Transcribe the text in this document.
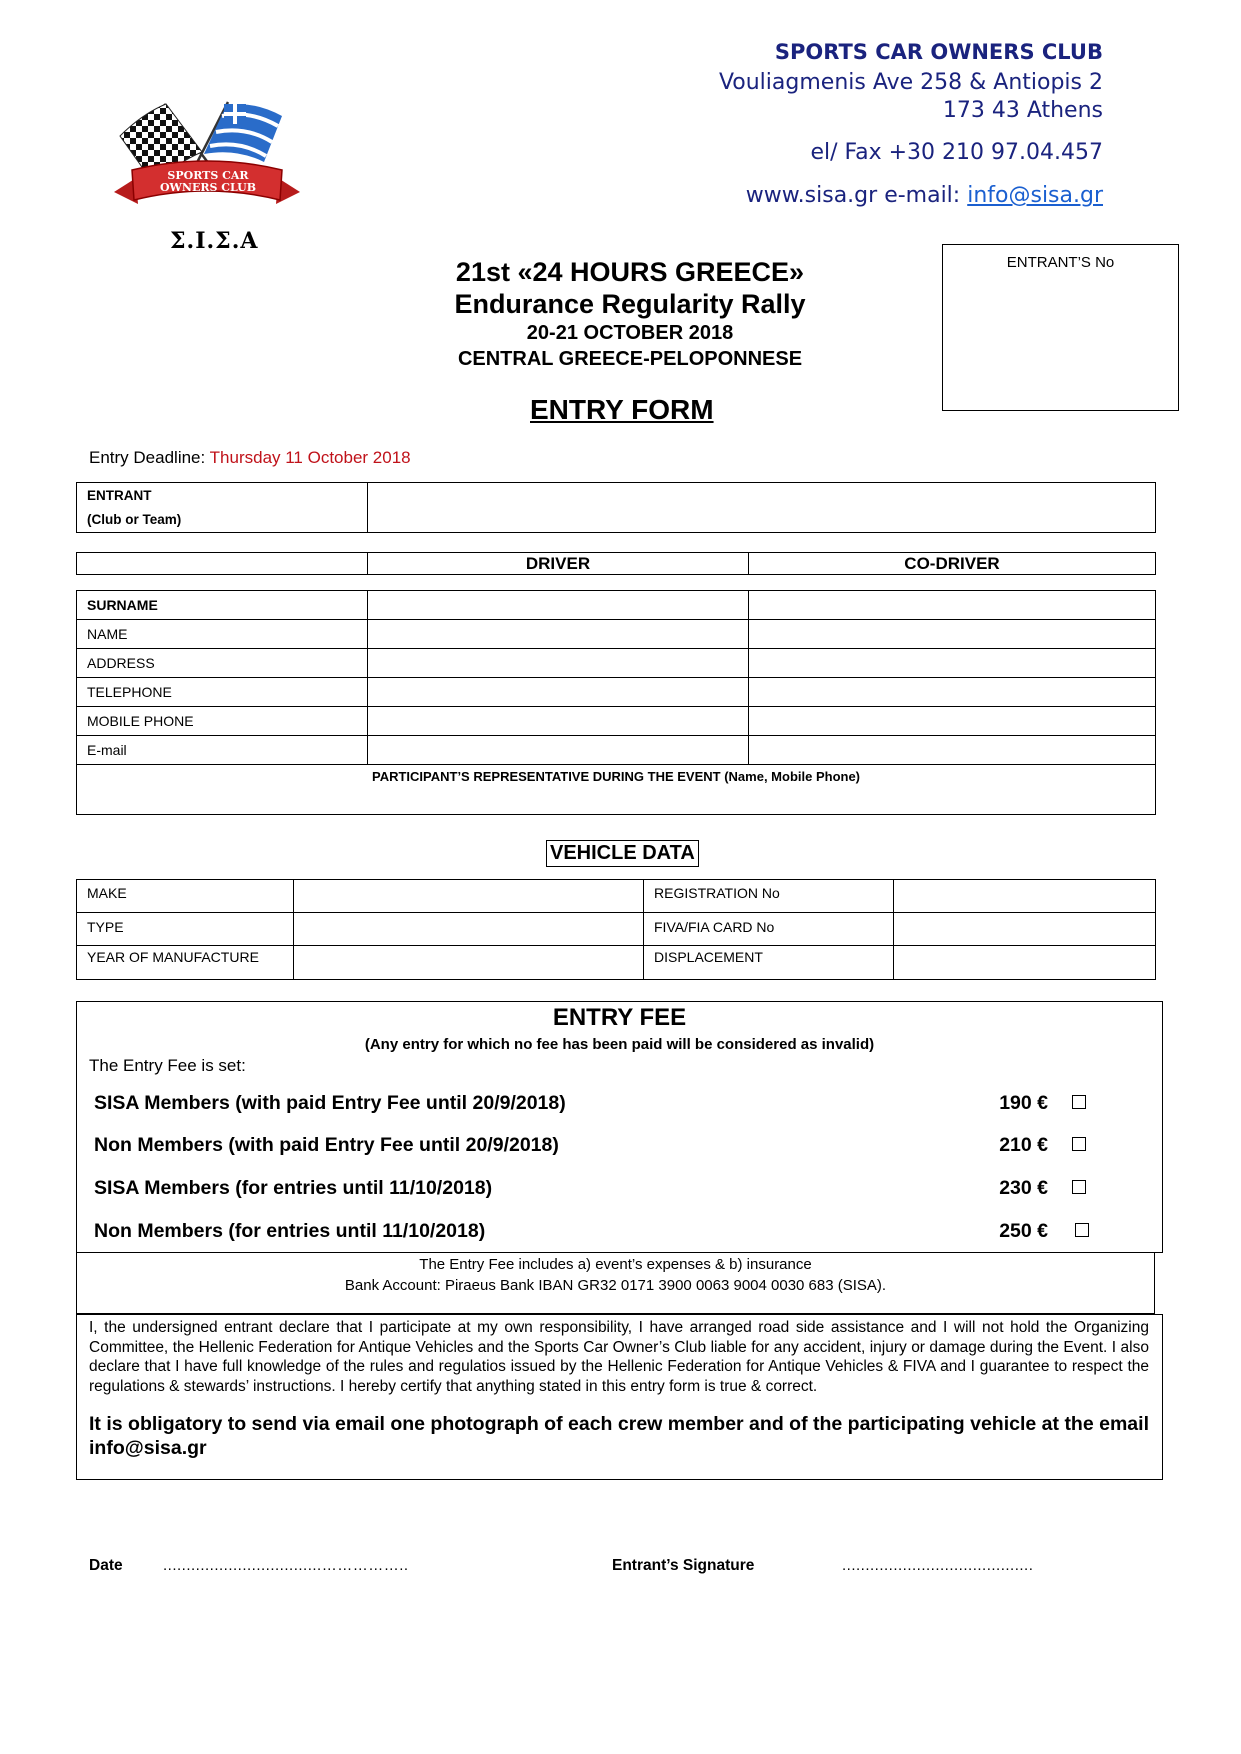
SPORTS CAR
OWNERS CLUB
Σ.Ι.Σ.Α
SPORTS CAR OWNERS CLUB
Vouliagmenis Ave 258 & Antiopis 2
173 43 Athens
el/ Fax +30 210 97.04.457
www.sisa.gr e-mail: info@sisa.gr
21st «24 HOURS GREECE»
Endurance Regularity Rally
20-21 OCTOBER 2018
CENTRAL GREECE-PELOPONNESE
ENTRY FORM
ENTRANT’S No
Entry Deadline: Thursday 11 October 2018
ENTRANT
(Club or Team)

	DRIVER	CO-DRIVER
SURNAME		
NAME		
ADDRESS		
TELEPHONE		
MOBILE PHONE		
E-mail		
PARTICIPANT’S REPRESENTATIVE DURING THE EVENT (Name, Mobile Phone)		
VEHICLE DATA
MAKE		REGISTRATION No	
TYPE		FIVA/FIA CARD No	
YEAR OF MANUFACTURE		DISPLACEMENT	
ENTRY FEE
(Any entry for which no fee has been paid will be considered as invalid)
The Entry Fee is set:
SISA Members (with paid Entry Fee until 20/9/2018)	190 €
Non Members (with paid Entry Fee until 20/9/2018)	210 €
SISA Members (for entries until 11/10/2018)	230 €
Non Members (for entries until 11/10/2018)	250 €
The Entry Fee includes a) event’s expenses & b) insurance
Bank Account: Piraeus Bank IBAN GR32 0171 3900 0063 9004 0030 683 (SISA).
I, the undersigned entrant declare that I participate at my own responsibility, I have arranged road side assistance and I will not hold the Organizing Committee, the Hellenic Federation for Antique Vehicles and the Sports Car Owner’s Club liable for any accident, injury or damage during the Event. I also declare that I have full knowledge of the rules and regulatios issued by the Hellenic Federation for Antique Vehicles & FIVA and I guarantee to respect the regulations & stewards’ instructions. I hereby certify that anything stated in this entry form is true & correct.
It is obligatory to send via email one photograph of each crew member and of the participating vehicle at the email info@sisa.gr
Date	..................................……………..	Entrant’s Signature	.........................................
